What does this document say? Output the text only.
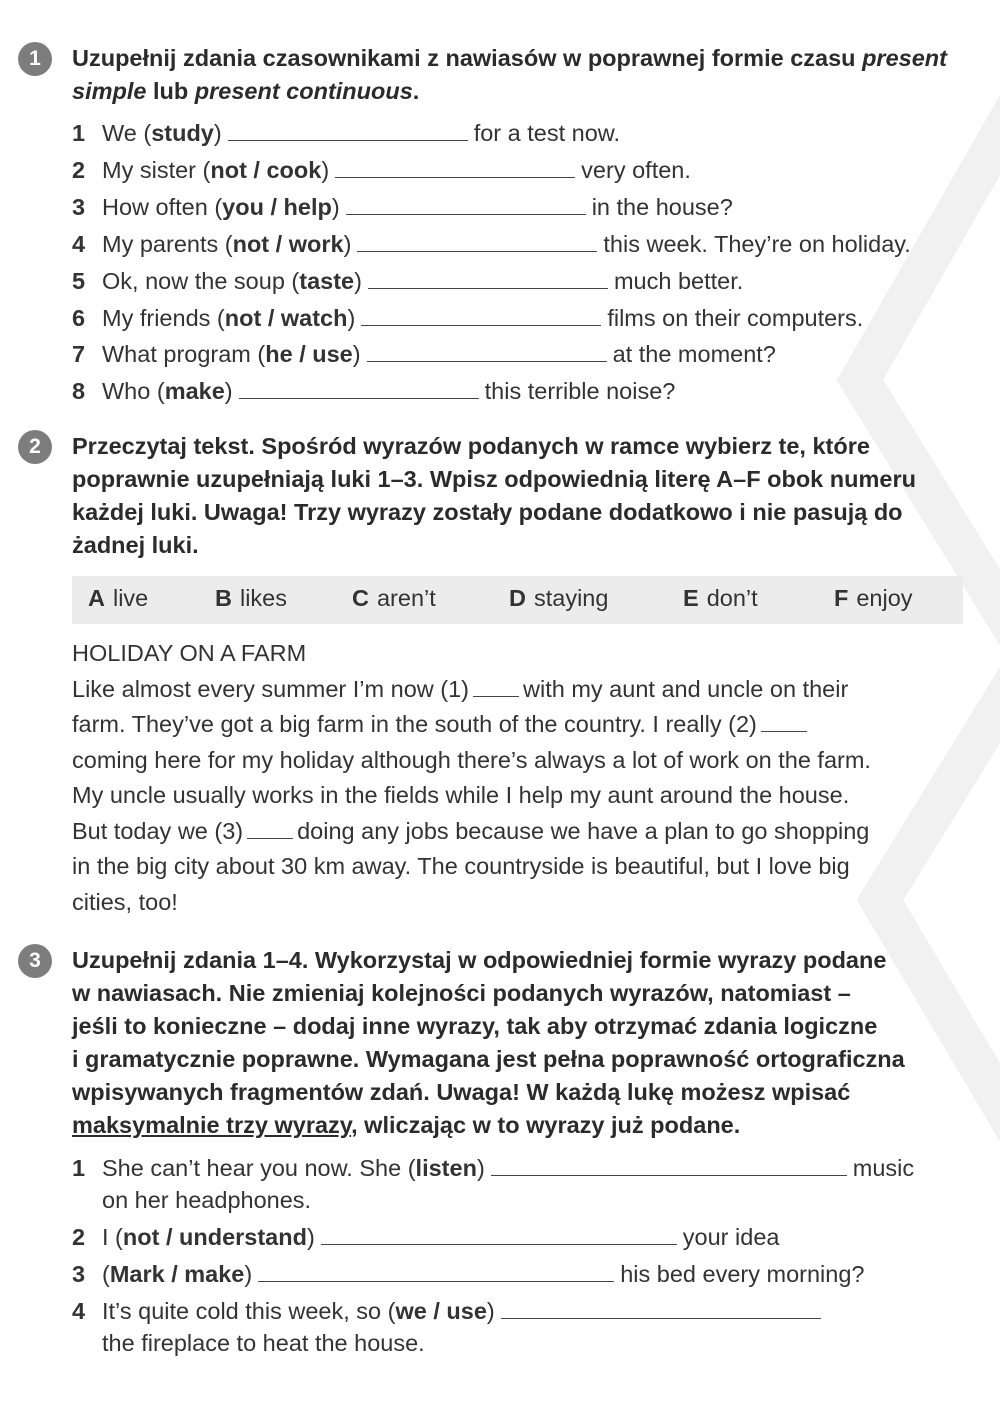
1 Uzupełnij zdania czasownikami z nawiasów w poprawnej formie czasu present simple lub present continuous.
1 We (study)	for a test now.
2 My sister (not / cook)	very often.
3 How often (you / help)	in the house?
4 My parents (not / work)	this week. They’re on holiday.
5 Ok, now the soup (taste)	much better.
6 My friends (not / watch)	films on their computers.
7 What program (he / use)	at the moment?
8 Who (make)	this terrible noise?
2 Przeczytaj tekst. Spośród wyrazów podanych w ramce wybierz te, które
poprawnie uzupełniają luki 1–3. Wpisz odpowiednią literę A–F obok numeru
każdej luki. Uwaga! Trzy wyrazy zostały podane dodatkowo i nie pasują do
żadnej luki.
A live	B likes	C aren’t	D staying	E don’t	F enjoy
HOLIDAY ON A FARM
Like almost every summer I’m now (1) with my aunt and uncle on their
farm. They’ve got a big farm in the south of the country. I really (2)
coming here for my holiday although there’s always a lot of work on the farm.
My uncle usually works in the fields while I help my aunt around the house.
But today we (3) doing any jobs because we have a plan to go shopping
in the big city about 30 km away. The countryside is beautiful, but I love big
cities, too!
3 Uzupełnij zdania 1–4. Wykorzystaj w odpowiedniej formie wyrazy podane
w nawiasach. Nie zmieniaj kolejności podanych wyrazów, natomiast –
jeśli to konieczne – dodaj inne wyrazy, tak aby otrzymać zdania logiczne
i gramatycznie poprawne. Wymagana jest pełna poprawność ortograficzna
wpisywanych fragmentów zdań. Uwaga! W każdą lukę możesz wpisać
maksymalnie trzy wyrazy, wliczając w to wyrazy już podane.
1 She can’t hear you now. She (listen)	music
on her headphones.
2 I (not / understand)	your idea
3 (Mark / make)	his bed every morning?
4 It’s quite cold this week, so (we / use)
the fireplace to heat the house.
